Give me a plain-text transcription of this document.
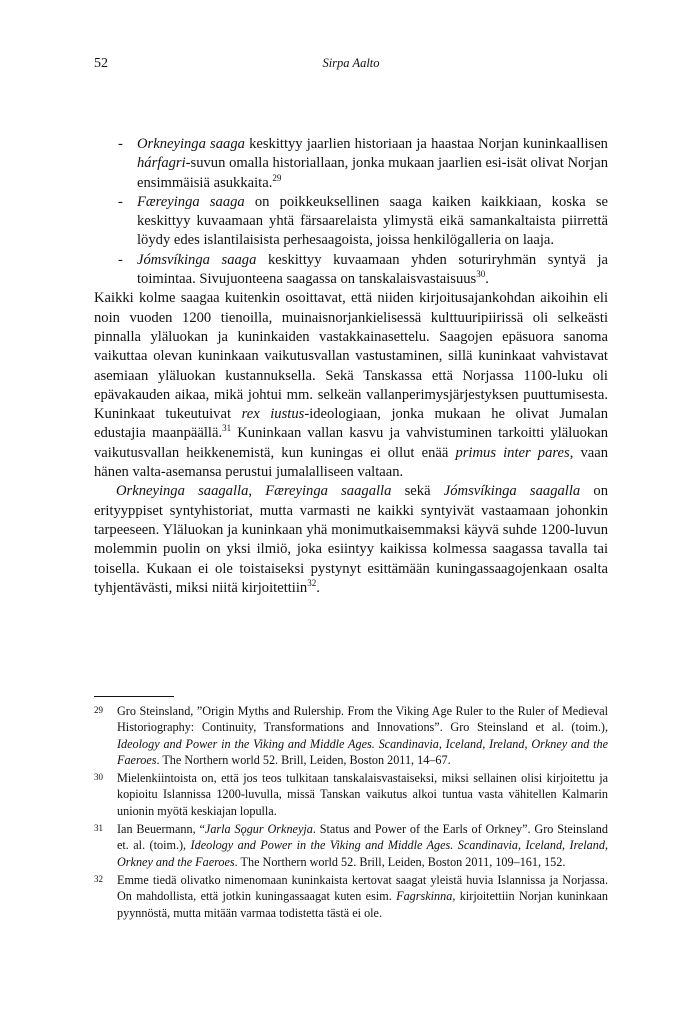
52	Sirpa Aalto
- Orkneyinga saaga keskittyy jaarlien historiaan ja haastaa Norjan kuninkaallisen hárfagri-suvun omalla historiallaan, jonka mukaan jaarlien esi-isät olivat Norjan ensimmäisiä asukkaita.$^{29}$
- Færeyinga saaga on poikkeuksellinen saaga kaiken kaikkiaan, koska se keskittyy kuvaamaan yhtä färsaarelaista ylimystä eikä samankaltaista piirrettä löydy edes islantilaisista perhesaagoista, joissa henkilögalleria on laaja.
- Jómsvíkinga saaga keskittyy kuvaamaan yhden soturiryhmän syntyä ja toimintaa. Sivujuonteena saagassa on tanskalaisvastaisuus$^{30}$.

Kaikki kolme saagaa kuitenkin osoittavat, että niiden kirjoitusajankohdan aikoihin eli noin vuoden 1200 tienoilla, muinaisnorjankielisessä kulttuuripiirissä oli selkeästi pinnalla yläluokan ja kuninkaiden vastakkainasettelu. Saagojen epäsuora sanoma vaikuttaa olevan kuninkaan vaikutusvallan vastustaminen, sillä kuninkaat vahvistavat asemiaan yläluokan kustannuksella. Sekä Tanskassa että Norjassa 1100-luku oli epävakauden aikaa, mikä johtui mm. selkeän vallanperimysjärjestyksen puuttumisesta. Kuninkaat tukeutuivat rex iustus-ideologiaan, jonka mukaan he olivat Jumalan edustajia maanpäällä.$^{31}$ Kuninkaan vallan kasvu ja vahvistuminen tarkoitti yläluokan vaikutusvallan heikkenemistä, kun kuningas ei ollut enää primus inter pares, vaan hänen valta-asemansa perustui jumalalliseen valtaan.

Orkneyinga saagalla, Færeyinga saagalla sekä Jómsvíkinga saagalla on erityyppiset syntyhistoriat, mutta varmasti ne kaikki syntyivät vastaamaan johonkin tarpeeseen. Yläluokan ja kuninkaan yhä monimutkaisemmaksi käyvä suhde 1200-luvun molemmin puolin on yksi ilmiö, joka esiintyy kaikissa kolmessa saagassa tavalla tai toisella. Kukaan ei ole toistaiseksi pystynyt esittämään kuningassaagojenkaan osalta tyhjentävästi, miksi niitä kirjoitettiin$^{32}$.

29 Gro Steinsland, ”Origin Myths and Rulership. From the Viking Age Ruler to the Ruler of Medieval Historiography: Continuity, Transformations and Innovations”. Gro Steinsland et al. (toim.), Ideology and Power in the Viking and Middle Ages. Scandinavia, Iceland, Ireland, Orkney and the Faeroes. The Northern world 52. Brill, Leiden, Boston 2011, 14–67.
30 Mielenkiintoista on, että jos teos tulkitaan tanskalaisvastaiseksi, miksi sellainen olisi kirjoitettu ja kopioitu Islannissa 1200-luvulla, missä Tanskan vaikutus alkoi tuntua vasta vähitellen Kalmarin unionin myötä keskiajan lopulla.
31 Ian Beuermann, “Jarla Sǫgur Orkneyja. Status and Power of the Earls of Orkney”. Gro Steinsland et. al. (toim.), Ideology and Power in the Viking and Middle Ages. Scandinavia, Iceland, Ireland, Orkney and the Faeroes. The Northern world 52. Brill, Leiden, Boston 2011, 109–161, 152.
32 Emme tiedä olivatko nimenomaan kuninkaista kertovat saagat yleistä huvia Islannissa ja Norjassa. On mahdollista, että jotkin kuningassaagat kuten esim. Fagrskinna, kirjoitettiin Norjan kuninkaan pyynnöstä, mutta mitään varmaa todistetta tästä ei ole.
